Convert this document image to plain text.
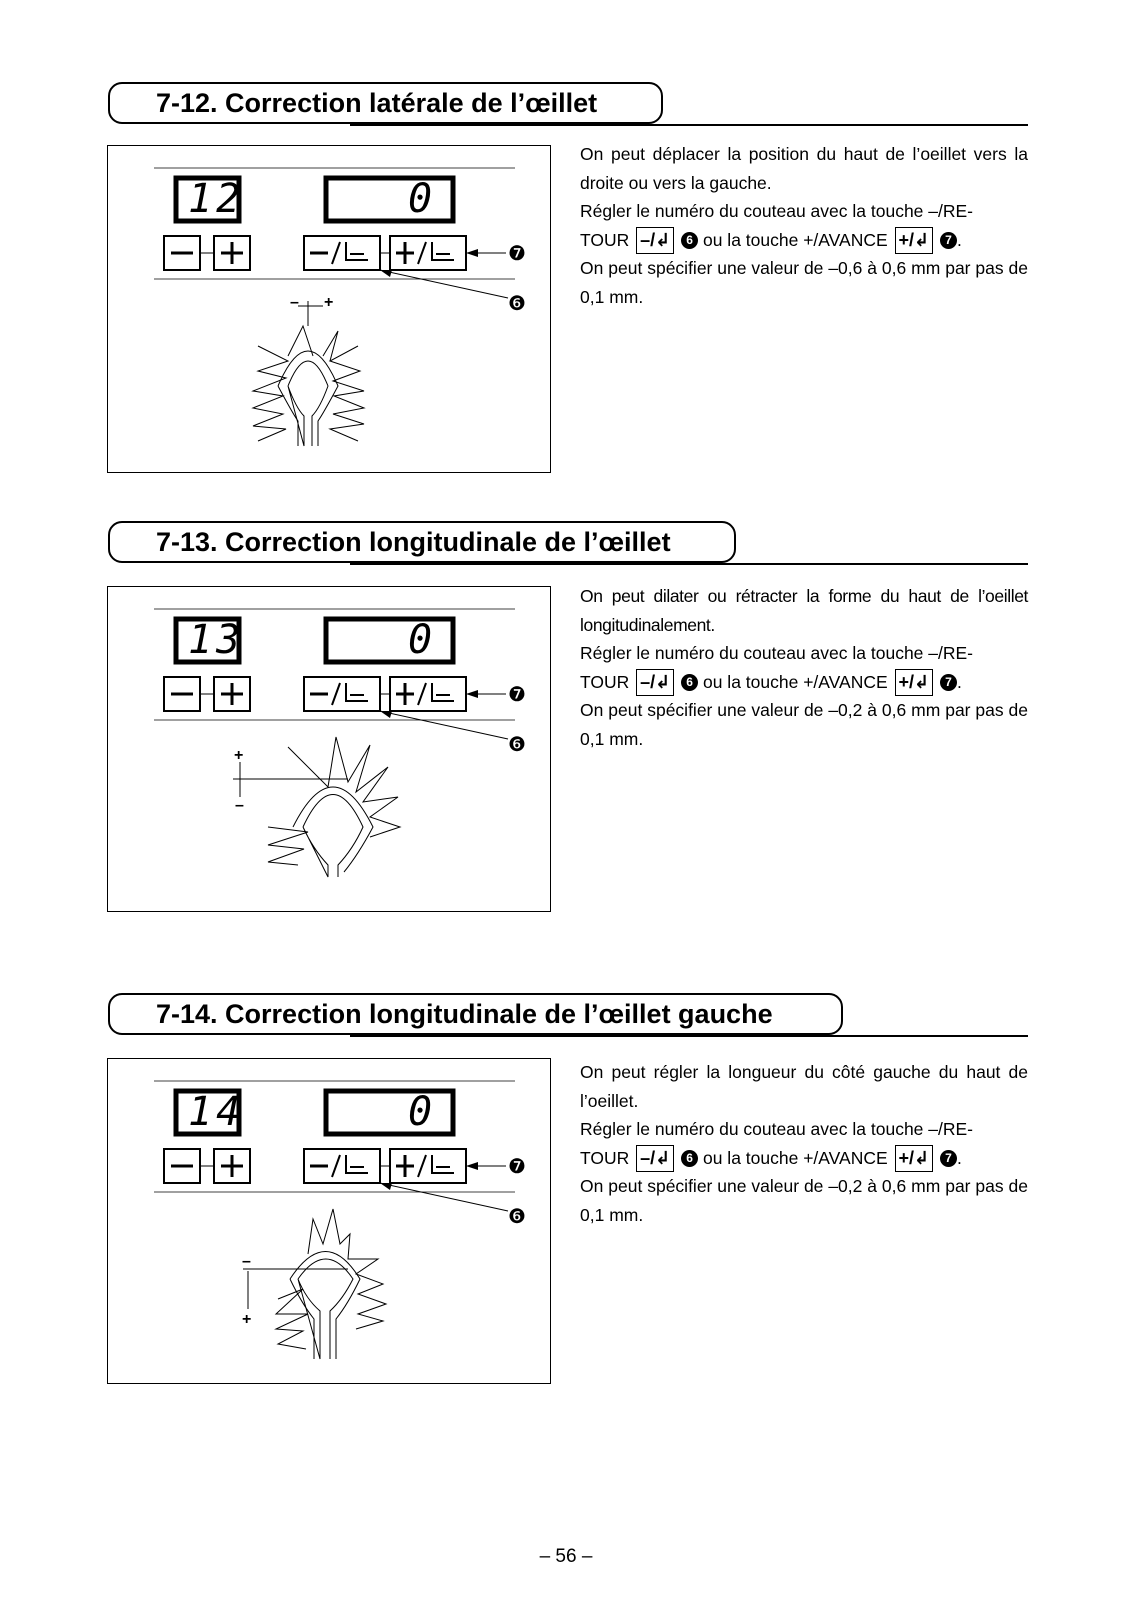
7-12. Correction latérale de l’œillet
12	0
❼
❻
– +

On peut déplacer la position du haut de l’oeillet vers la droite ou vers la gauche.

Régler le numéro du couteau avec la touche –/RE-
TOUR –/↲ 6 ou la touche +/AVANCE +/↲ 7 .

On peut spécifier une valeur de –0,6 à 0,6 mm par pas de 0,1 mm.

7-13. Correction longitudinale de l’œillet
13	0
❼
❻
+
–

On peut dilater ou rétracter la forme du haut de l’oeillet longitudinalement.

Régler le numéro du couteau avec la touche –/RE-
TOUR –/↲ 6 ou la touche +/AVANCE +/↲ 7 .

On peut spécifier une valeur de –0,2 à 0,6 mm par pas de 0,1 mm.

7-14. Correction longitudinale de l’œillet gauche
14	0
❼
❻
–
+

On peut régler la longueur du côté gauche du haut de l’oeillet.

Régler le numéro du couteau avec la touche –/RE-
TOUR –/↲ 6 ou la touche +/AVANCE +/↲ 7 .

On peut spécifier une valeur de –0,2 à 0,6 mm par pas de 0,1 mm.

– 56 –
